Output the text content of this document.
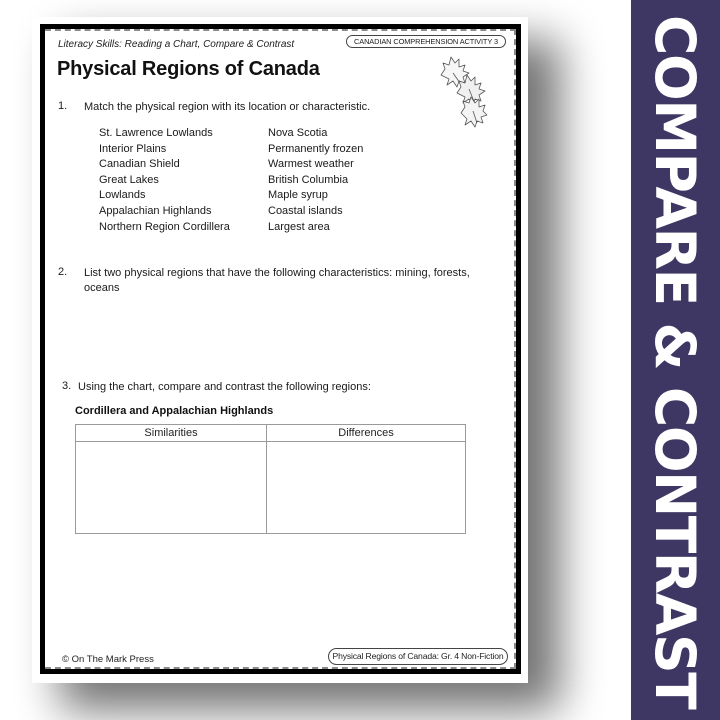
Literacy Skills: Reading a Chart, Compare & Contrast	CANADIAN COMPREHENSION ACTIVITY 3
Physical Regions of Canada
1. Match the physical region with its location or characteristic.
St. Lawrence Lowlands
Interior Plains
Canadian Shield
Great Lakes
Lowlands
Appalachian Highlands
Northern Region Cordillera
Nova Scotia
Permanently frozen
Warmest weather
British Columbia
Maple syrup
Coastal islands
Largest area
2. List two physical regions that have the following characteristics: mining, forests, oceans
3. Using the chart, compare and contrast the following regions:
Cordillera and Appalachian Highlands
Similarities	Differences

© On The Mark Press	Physical Regions of Canada: Gr. 4 Non-Fiction	COMPARE & CONTRAST
